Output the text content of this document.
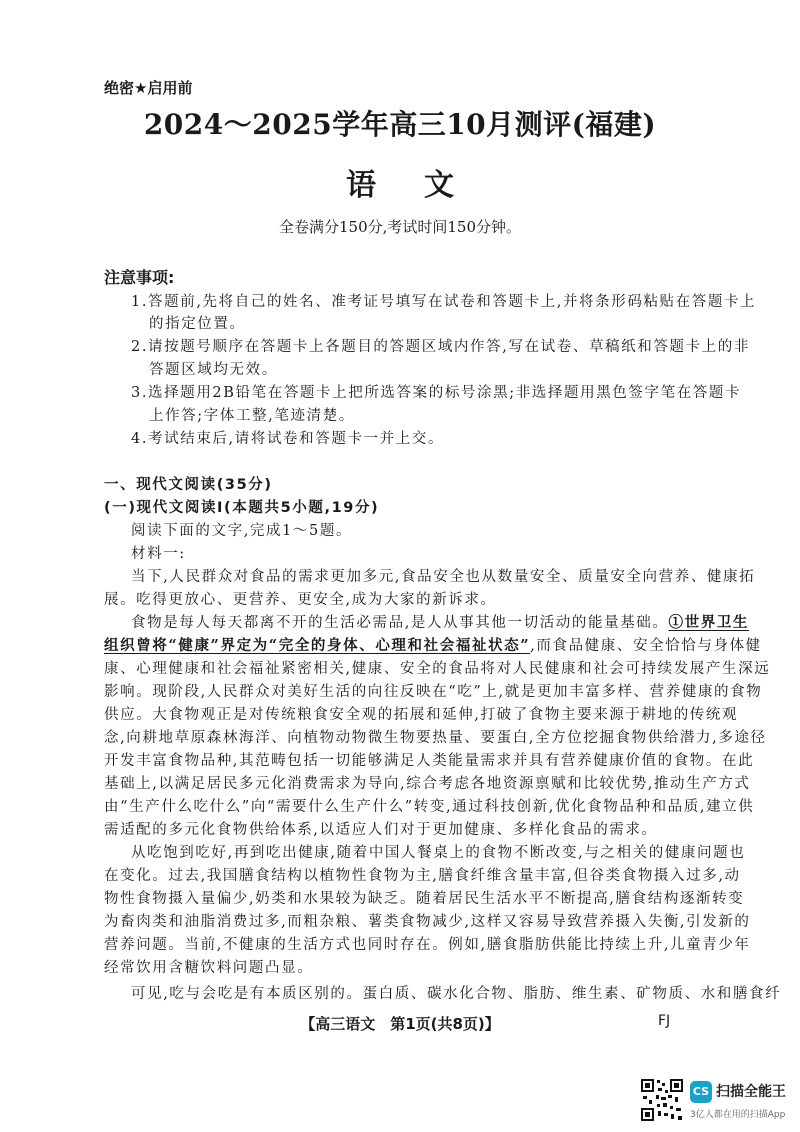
绝密★启用前
2024～2025学年高三10月测评(福建)
语 文
全卷满分150分,考试时间150分钟。
注意事项:
1.答题前,先将自己的姓名、准考证号填写在试卷和答题卡上,并将条形码粘贴在答题卡上
的指定位置。
2.请按题号顺序在答题卡上各题目的答题区域内作答,写在试卷、草稿纸和答题卡上的非
答题区域均无效。
3.选择题用2B铅笔在答题卡上把所选答案的标号涂黑;非选择题用黑色签字笔在答题卡
上作答;字体工整,笔迹清楚。
4.考试结束后,请将试卷和答题卡一并上交。
一、现代文阅读(35分)
(一)现代文阅读Ⅰ(本题共5小题,19分)
阅读下面的文字,完成1～5题。
材料一:
当下,人民群众对食品的需求更加多元,食品安全也从数量安全、质量安全向营养、健康拓
展。吃得更放心、更营养、更安全,成为大家的新诉求。
食物是每人每天都离不开的生活必需品,是人从事其他一切活动的能量基础。①世界卫生
组织曾将“健康”界定为“完全的身体、心理和社会福祉状态”,而食品健康、安全恰恰与身体健
康、心理健康和社会福祉紧密相关,健康、安全的食品将对人民健康和社会可持续发展产生深远
影响。现阶段,人民群众对美好生活的向往反映在“吃”上,就是更加丰富多样、营养健康的食物
供应。大食物观正是对传统粮食安全观的拓展和延伸,打破了食物主要来源于耕地的传统观
念,向耕地草原森林海洋、向植物动物微生物要热量、要蛋白,全方位挖掘食物供给潜力,多途径
开发丰富食物品种,其范畴包括一切能够满足人类能量需求并具有营养健康价值的食物。在此
基础上,以满足居民多元化消费需求为导向,综合考虑各地资源禀赋和比较优势,推动生产方式
由“生产什么吃什么”向“需要什么生产什么”转变,通过科技创新,优化食物品种和品质,建立供
需适配的多元化食物供给体系,以适应人们对于更加健康、多样化食品的需求。
从吃饱到吃好,再到吃出健康,随着中国人餐桌上的食物不断改变,与之相关的健康问题也
在变化。过去,我国膳食结构以植物性食物为主,膳食纤维含量丰富,但谷类食物摄入过多,动
物性食物摄入量偏少,奶类和水果较为缺乏。随着居民生活水平不断提高,膳食结构逐渐转变
为畜肉类和油脂消费过多,而粗杂粮、薯类食物减少,这样又容易导致营养摄入失衡,引发新的
营养问题。当前,不健康的生活方式也同时存在。例如,膳食脂肪供能比持续上升,儿童青少年
经常饮用含糖饮料问题凸显。
可见,吃与会吃是有本质区别的。蛋白质、碳水化合物、脂肪、维生素、矿物质、水和膳食纤
【高三语文　第1页(共8页)】	FJ
CS 扫描全能王
3亿人都在用的扫描App
